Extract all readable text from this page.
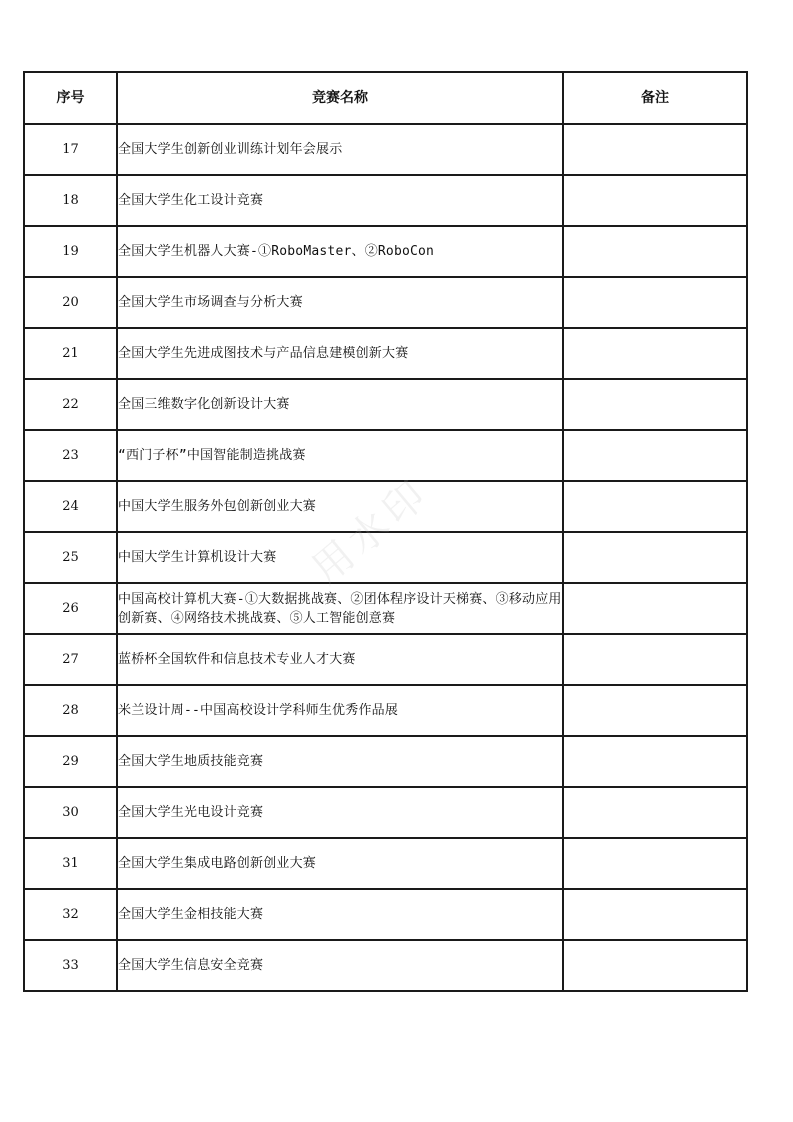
序号	竞赛名称	备注
17	全国大学生创新创业训练计划年会展示	
18	全国大学生化工设计竞赛	
19	全国大学生机器人大赛-①RoboMaster、②RoboCon	
20	全国大学生市场调查与分析大赛	
21	全国大学生先进成图技术与产品信息建模创新大赛	
22	全国三维数字化创新设计大赛	
23	“西门子杯”中国智能制造挑战赛	
24	中国大学生服务外包创新创业大赛	
25	中国大学生计算机设计大赛	
26	中国高校计算机大赛-①大数据挑战赛、②团体程序设计天梯赛、③移动应用创新赛、④网络技术挑战赛、⑤人工智能创意赛	
27	蓝桥杯全国软件和信息技术专业人才大赛	
28	米兰设计周--中国高校设计学科师生优秀作品展	
29	全国大学生地质技能竞赛	
30	全国大学生光电设计竞赛	
31	全国大学生集成电路创新创业大赛	
32	全国大学生金相技能大赛	
33	全国大学生信息安全竞赛	
用水印
